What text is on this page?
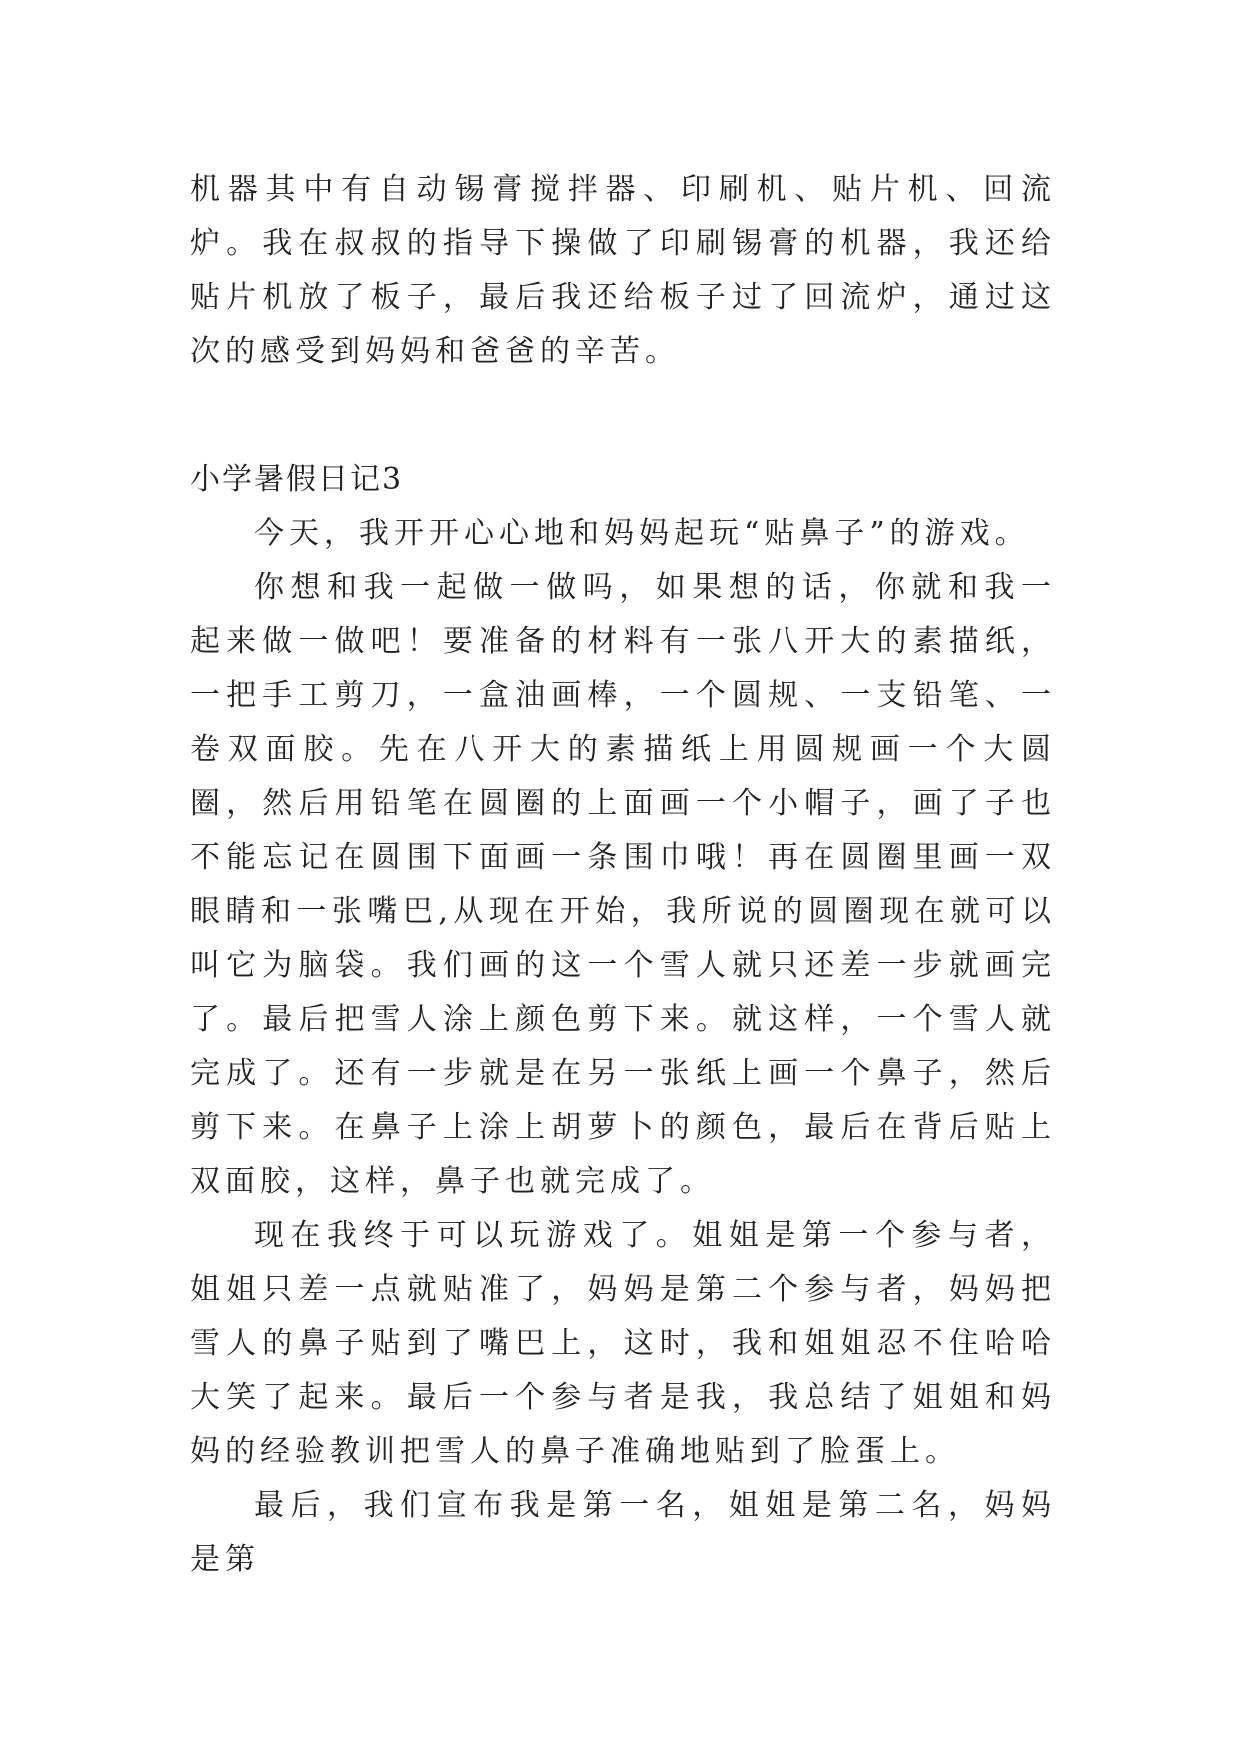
机器其中有自动锡膏搅拌器、印刷机、贴片机、回流炉。我在叔叔的指导下操做了印刷锡膏的机器，我还给贴片机放了板子，最后我还给板子过了回流炉，通过这次的感受到妈妈和爸爸的辛苦。

小学暑假日记3

今天，我开开心心地和妈妈起玩“贴鼻子”的游戏。

你想和我一起做一做吗，如果想的话，你就和我一起来做一做吧！要准备的材料有一张八开大的素描纸，一把手工剪刀，一盒油画棒，一个圆规、一支铅笔、一卷双面胶。先在八开大的素描纸上用圆规画一个大圆圈，然后用铅笔在圆圈的上面画一个小帽子，画了子也不能忘记在圆围下面画一条围巾哦！再在圆圈里画一双眼睛和一张嘴巴,从现在开始，我所说的圆圈现在就可以叫它为脑袋。我们画的这一个雪人就只还差一步就画完了。最后把雪人涂上颜色剪下来。就这样，一个雪人就完成了。还有一步就是在另一张纸上画一个鼻子，然后剪下来。在鼻子上涂上胡萝卜的颜色，最后在背后贴上双面胶，这样，鼻子也就完成了。

现在我终于可以玩游戏了。姐姐是第一个参与者，姐姐只差一点就贴准了，妈妈是第二个参与者，妈妈把雪人的鼻子贴到了嘴巴上，这时，我和姐姐忍不住哈哈大笑了起来。最后一个参与者是我，我总结了姐姐和妈妈的经验教训把雪人的鼻子准确地贴到了脸蛋上。

最后，我们宣布我是第一名，姐姐是第二名，妈妈是第
